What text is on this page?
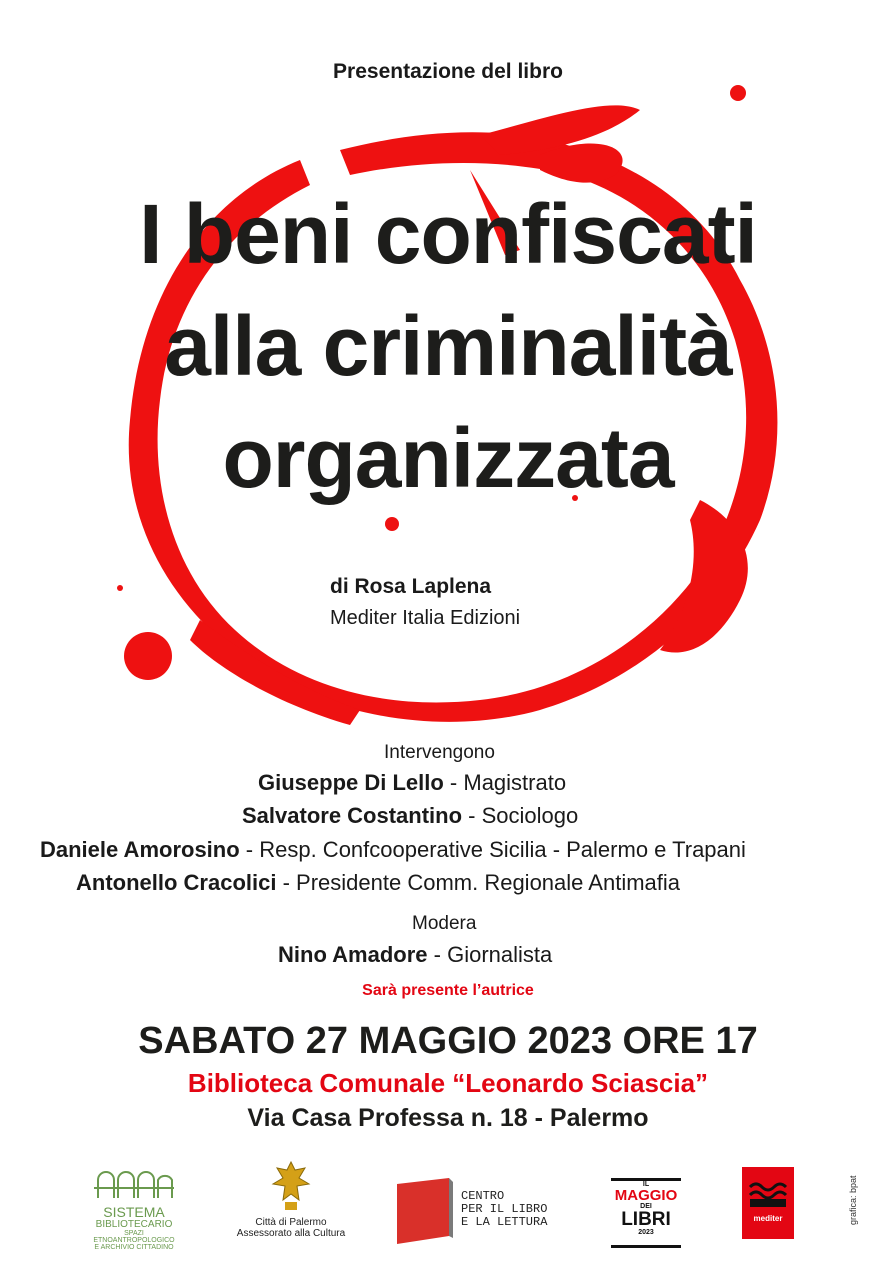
Presentazione del libro
I beni confiscati
alla criminalità
organizzata
di Rosa Laplena
Mediter Italia Edizioni
Intervengono
Giuseppe Di Lello - Magistrato
Salvatore Costantino - Sociologo
Daniele Amorosino - Resp. Confcooperative Sicilia - Palermo e Trapani
Antonello Cracolici - Presidente Comm. Regionale Antimafia
Modera
Nino Amadore - Giornalista
Sarà presente l’autrice
SABATO 27 MAGGIO 2023 ORE 17
Biblioteca Comunale “Leonardo Sciascia”
Via Casa Professa n. 18 - Palermo
SISTEMA
BIBLIOTECARIO
SPAZI ETNOANTROPOLOGICO
E ARCHIVIO CITTADINO
Città di Palermo
Assessorato alla Cultura
CENTRO
PER IL LIBRO
E LA LETTURA
IL
MAGGIO
DEI
LIBRI
2023
mediter	grafica: bpat
